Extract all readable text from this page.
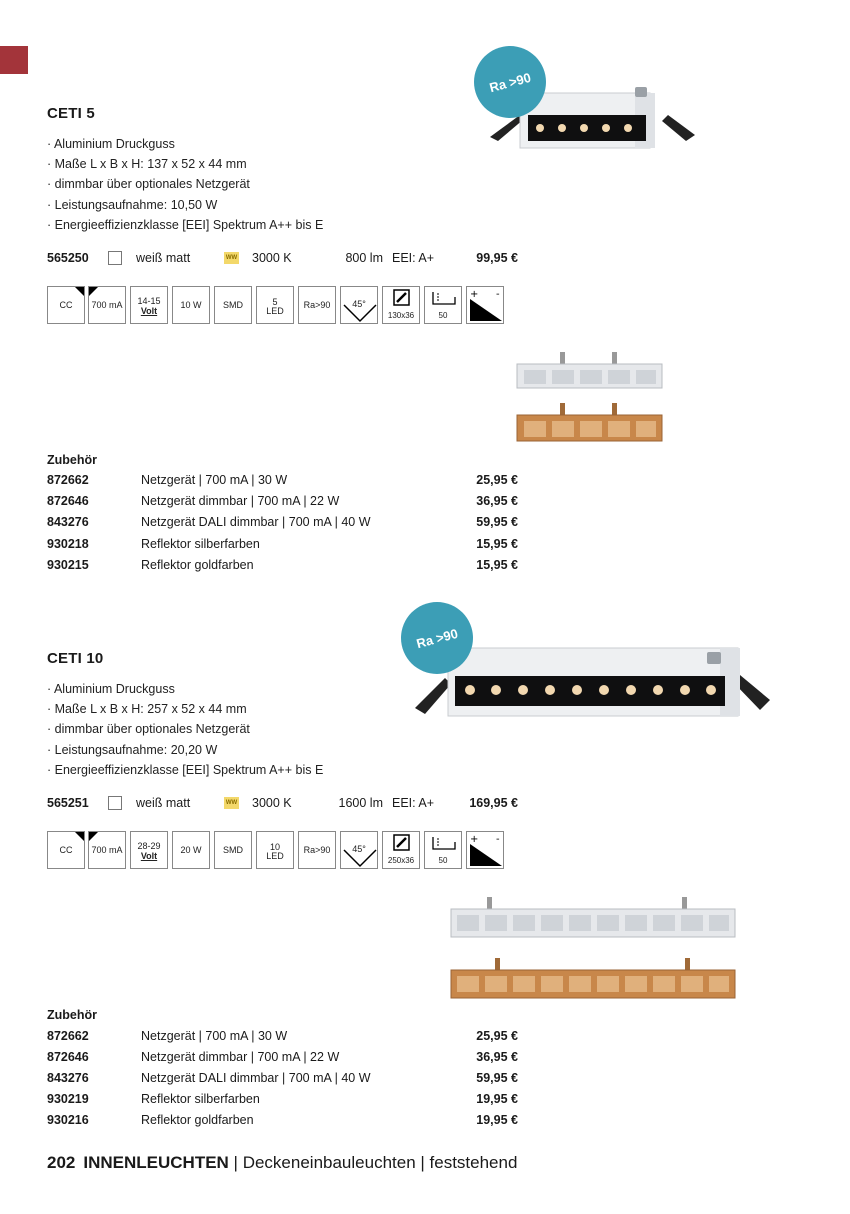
CETI 5
· Aluminium Druckguss
· Maße L x B x H: 137 x 52 x 44 mm
· dimmbar über optionales Netzgerät
· Leistungsaufnahme: 10,50 W
· Energieeffizienzklasse [EEI] Spektrum A++ bis E
Ra >90
565250	weiß matt	WW 3000 K	800 lm EEI: A+	99,95 €
CC 700 mA	14-15
Volt
10 W SMD	5
LED
Ra>90	45°
130x36	50
+ -
Zubehör
872662	Netzgerät | 700 mA | 30 W	25,95 €
872646	Netzgerät dimmbar | 700 mA | 22 W	36,95 €
843276	Netzgerät DALI dimmbar | 700 mA | 40 W	59,95 €
930218	Reflektor silberfarben	15,95 €
930215	Reflektor goldfarben	15,95 €
CETI 10
· Aluminium Druckguss
· Maße L x B x H: 257 x 52 x 44 mm
· dimmbar über optionales Netzgerät
· Leistungsaufnahme: 20,20 W
· Energieeffizienzklasse [EEI] Spektrum A++ bis E
Ra >90
565251	weiß matt	WW 3000 K	1600 lm EEI: A+	169,95 €
CC 700 mA	28-29
Volt
20 W SMD	10
LED
Ra>90	45°
250x36	50
+ -
Zubehör
872662	Netzgerät | 700 mA | 30 W	25,95 €
872646	Netzgerät dimmbar | 700 mA | 22 W	36,95 €
843276	Netzgerät DALI dimmbar | 700 mA | 40 W	59,95 €
930219	Reflektor silberfarben	19,95 €
930216	Reflektor goldfarben	19,95 €
202 INNENLEUCHTEN | Deckeneinbauleuchten | feststehend
